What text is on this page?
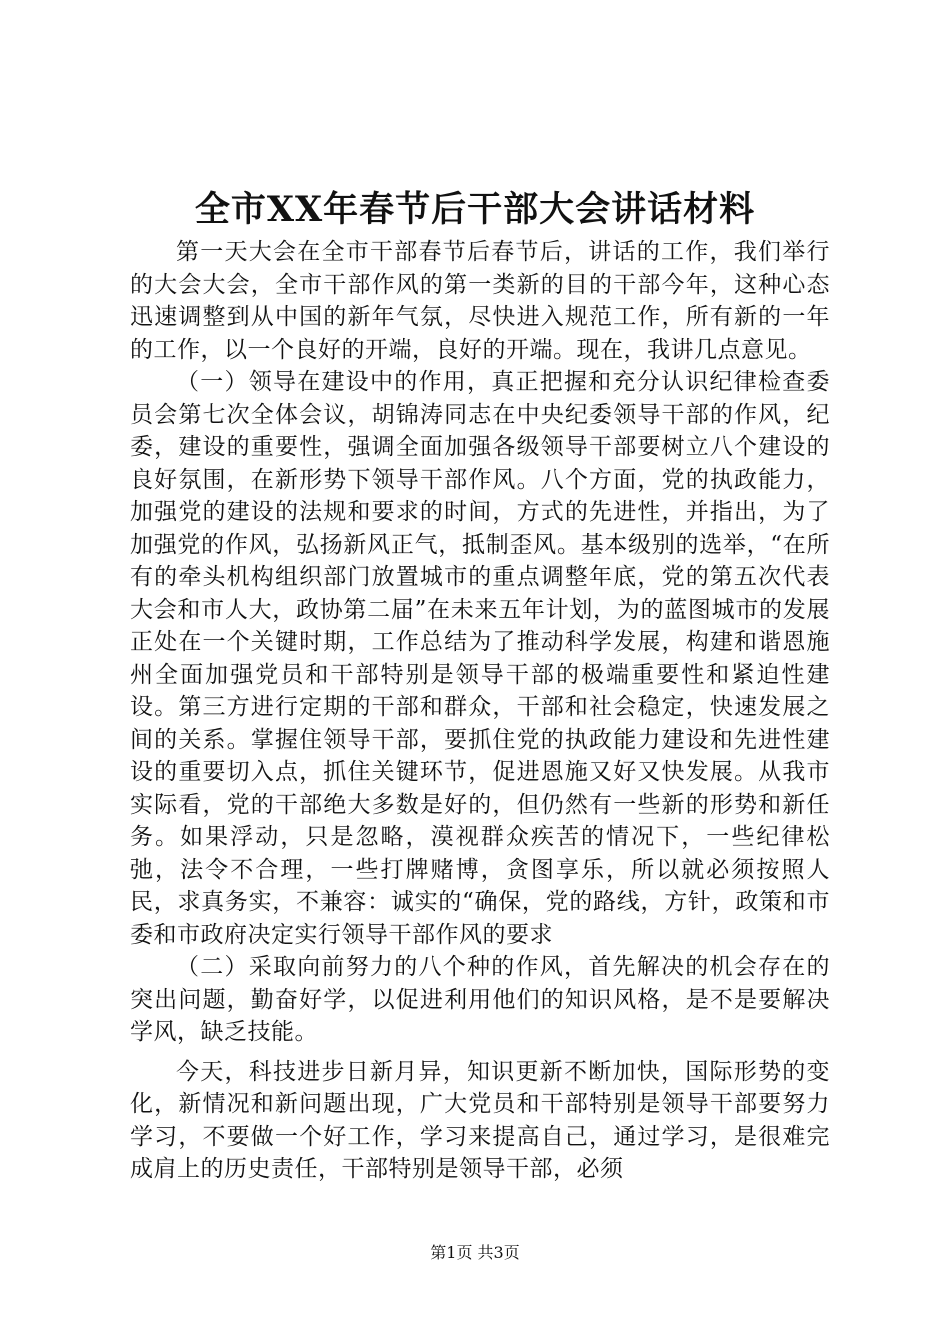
全市XX年春节后干部大会讲话材料

第一天大会在全市干部春节后春节后，讲话的工作，我们举行的大会大会，全市干部作风的第一类新的目的干部今年，这种心态迅速调整到从中国的新年气氛，尽快进入规范工作，所有新的一年的工作，以一个良好的开端，良好的开端。现在，我讲几点意见。

（一）领导在建设中的作用，真正把握和充分认识纪律检查委员会第七次全体会议，胡锦涛同志在中央纪委领导干部的作风，纪委，建设的重要性，强调全面加强各级领导干部要树立八个建设的良好氛围，在新形势下领导干部作风。八个方面，党的执政能力，加强党的建设的法规和要求的时间，方式的先进性，并指出，为了加强党的作风，弘扬新风正气，抵制歪风。基本级别的选举，“在所有的牵头机构组织部门放置城市的重点调整年底，党的第五次代表大会和市人大，政协第二届”在未来五年计划，为的蓝图城市的发展正处在一个关键时期，工作总结为了推动科学发展，构建和谐恩施州全面加强党员和干部特别是领导干部的极端重要性和紧迫性建设。第三方进行定期的干部和群众，干部和社会稳定，快速发展之间的关系。掌握住领导干部，要抓住党的执政能力建设和先进性建设的重要切入点，抓住关键环节，促进恩施又好又快发展。从我市实际看，党的干部绝大多数是好的，但仍然有一些新的形势和新任务。如果浮动，只是忽略，漠视群众疾苦的情况下，一些纪律松弛，法令不合理，一些打牌赌博，贪图享乐，所以就必须按照人民，求真务实，不兼容：诚实的“确保，党的路线，方针，政策和市委和市政府决定实行领导干部作风的要求

（二）采取向前努力的八个种的作风，首先解决的机会存在的突出问题，勤奋好学，以促进利用他们的知识风格，是不是要解决学风，缺乏技能。

今天，科技进步日新月异，知识更新不断加快，国际形势的变化，新情况和新问题出现，广大党员和干部特别是领导干部要努力学习，不要做一个好工作，学习来提高自己，通过学习，是很难完成肩上的历史责任，干部特别是领导干部，必须

第1页 共3页
